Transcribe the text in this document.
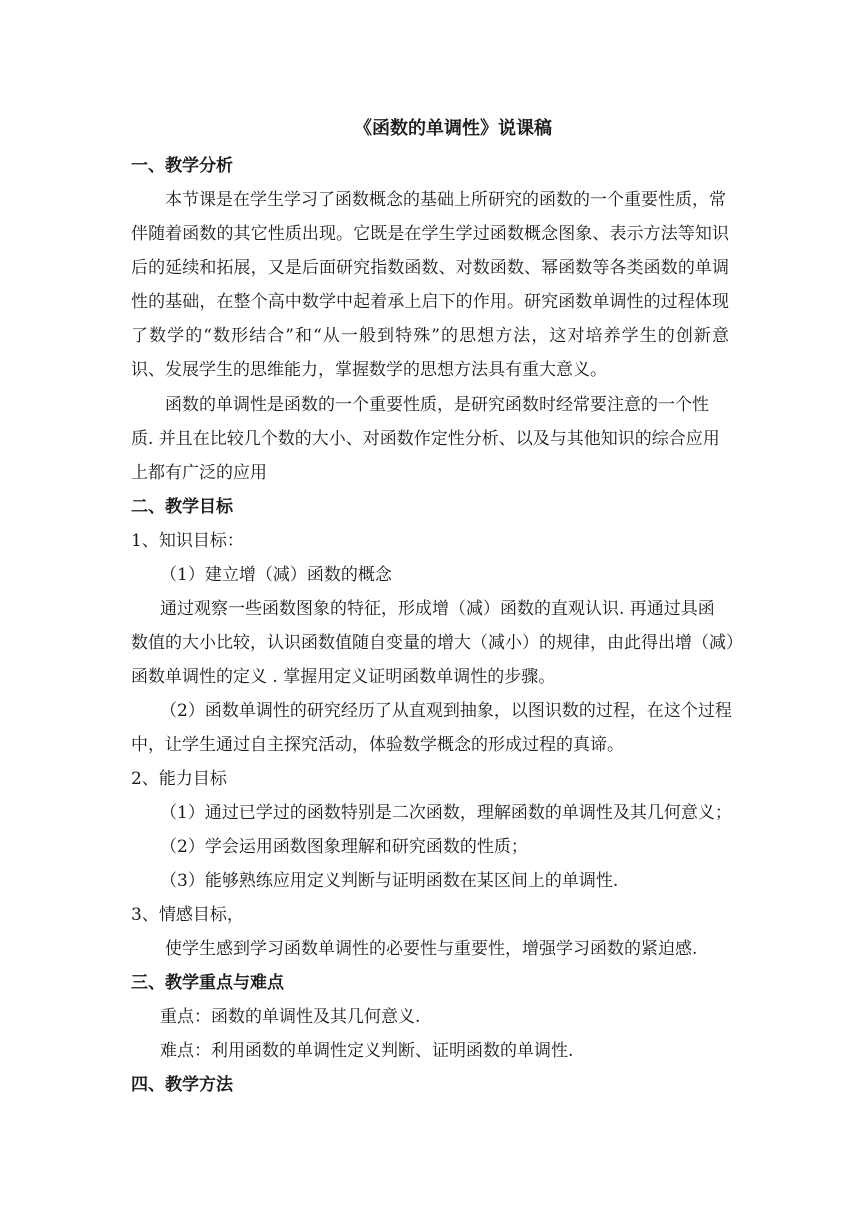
《函数的单调性》说课稿
一、教学分析
本节课是在学生学习了函数概念的基础上所研究的函数的一个重要性质，常
伴随着函数的其它性质出现。它既是在学生学过函数概念图象、表示方法等知识
后的延续和拓展，又是后面研究指数函数、对数函数、幂函数等各类函数的单调
性的基础，在整个高中数学中起着承上启下的作用。研究函数单调性的过程体现
了数学的“数形结合”和“从一般到特殊”的思想方法，这对培养学生的创新意
识、发展学生的思维能力，掌握数学的思想方法具有重大意义。
函数的单调性是函数的一个重要性质，是研究函数时经常要注意的一个性
质. 并且在比较几个数的大小、对函数作定性分析、以及与其他知识的综合应用
上都有广泛的应用
二、教学目标
1、知识目标：
（1）建立增（减）函数的概念
通过观察一些函数图象的特征，形成增（减）函数的直观认识. 再通过具函
数值的大小比较，认识函数值随自变量的增大（减小）的规律，由此得出增（减）
函数单调性的定义 . 掌握用定义证明函数单调性的步骤。
（2）函数单调性的研究经历了从直观到抽象，以图识数的过程，在这个过程
中，让学生通过自主探究活动，体验数学概念的形成过程的真谛。
2、能力目标
（1）通过已学过的函数特别是二次函数，理解函数的单调性及其几何意义；
（2）学会运用函数图象理解和研究函数的性质；
（3）能够熟练应用定义判断与证明函数在某区间上的单调性.
3、情感目标，
使学生感到学习函数单调性的必要性与重要性，增强学习函数的紧迫感.
三、教学重点与难点
重点：函数的单调性及其几何意义.
难点：利用函数的单调性定义判断、证明函数的单调性.
四、教学方法
